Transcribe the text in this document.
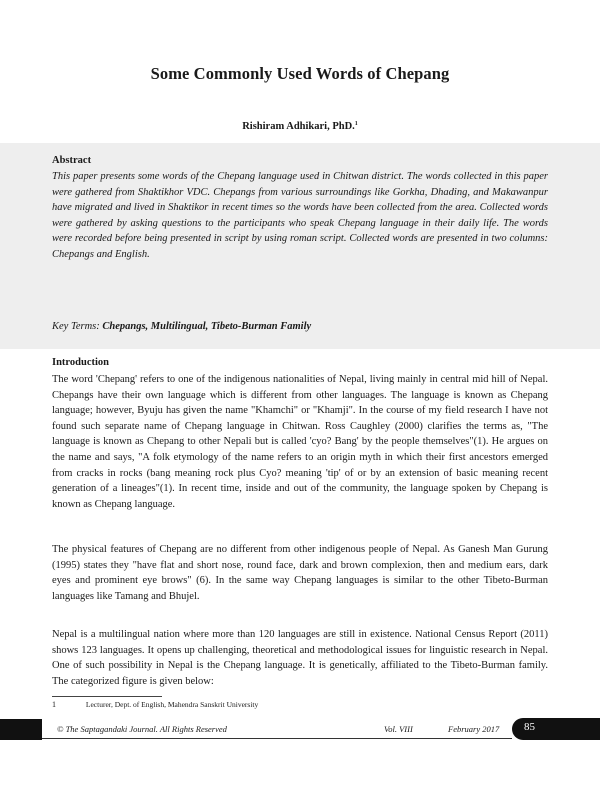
Some Commonly Used Words of Chepang
Rishiram Adhikari, PhD.$^1$
Abstract

This paper presents some words of the Chepang language used in Chitwan district. The words collected in this paper were gathered from Shaktikhor VDC. Chepangs from various surroundings like Gorkha, Dhading, and Makawanpur have migrated and lived in Shaktikor in recent times so the words have been collected from the area. Collected words were gathered by asking questions to the participants who speak Chepang language in their daily life. The words were recorded before being presented in script by using roman script. Collected words are presented in two columns: Chepangs and English.

Key Terms: Chepangs, Multilingual, Tibeto-Burman Family
Introduction

The word 'Chepang' refers to one of the indigenous nationalities of Nepal, living mainly in central mid hill of Nepal. Chepangs have their own language which is different from other languages. The language is known as Chepang language; however, Byuju has given the name "Khamchi" or "Khamji". In the course of my field research I have not found such separate name of Chepang language in Chitwan. Ross Caughley (2000) clarifies the terms as, "The language is known as Chepang to other Nepali but is called 'cyo? Bang' by the people themselves"(1). He argues on the name and says, "A folk etymology of the name refers to an origin myth in which their first ancestors emerged from cracks in rocks (bang meaning rock plus Cyo? meaning 'tip' of or by an extension of basic meaning recent generation of a lineages"(1). In recent time, inside and out of the community, the language spoken by Chepang is known as Chepang language.

The physical features of Chepang are no different from other indigenous people of Nepal. As Ganesh Man Gurung (1995) states they "have flat and short nose, round face, dark and brown complexion, then and medium ears, dark eyes and prominent eye brows" (6). In the same way Chepang languages is similar to the other Tibeto-Burman languages like Tamang and Bhujel.

Nepal is a multilingual nation where more than 120 languages are still in existence. National Census Report (2011) shows 123 languages. It opens up challenging, theoretical and methodological issues for linguistic research in Nepal. One of such possibility in Nepal is the Chepang language. It is genetically, affiliated to the Tibeto-Burman family. The categorized figure is given below:

1	Lecturer, Dept. of English, Mahendra Sanskrit University
© The Saptagandaki Journal. All Rights Reserved	Vol. VIII	February 2017 85
